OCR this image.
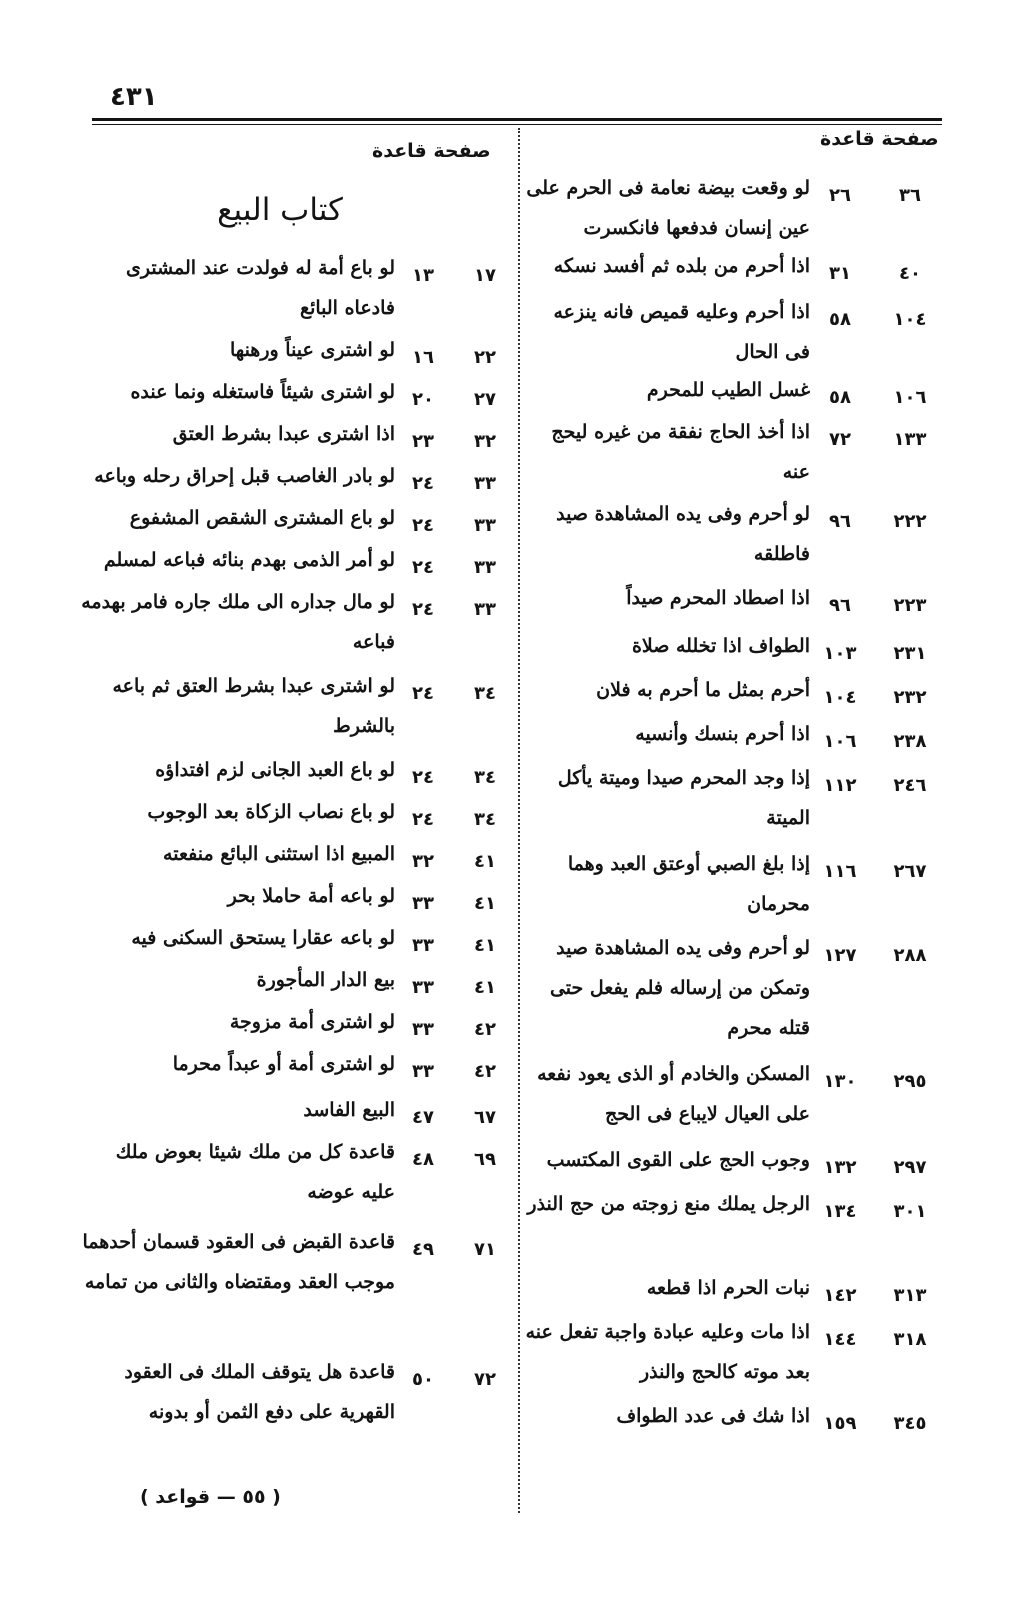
٤٣١
صفحة قاعدة
صفحة قاعدة
كتاب البيع	٣٦
٢٦
لو وقعت بيضة نعامة فى الحرم على عين إنسان فدفعها فانكسرت
٤٠
٣١
اذا أحرم من بلده ثم أفسد نسكه
١٠٤
٥٨
اذا أحرم وعليه قميص فانه ينزعه فى الحال
١٠٦
٥٨
غسل الطيب للمحرم
١٣٣
٧٢
اذا أخذ الحاج نفقة من غيره ليحج عنه
٢٢٢
٩٦
لو أحرم وفى يده المشاهدة صيد فاطلقه
٢٢٣
٩٦
اذا اصطاد المحرم صيداً
٢٣١
١٠٣
الطواف اذا تخلله صلاة
٢٣٢
١٠٤
أحرم بمثل ما أحرم به فلان
٢٣٨
١٠٦
اذا أحرم بنسك وأنسيه
٢٤٦
١١٢
إذا وجد المحرم صيدا وميتة يأكل الميتة
٢٦٧
١١٦
إذا بلغ الصبي أوعتق العبد وهما محرمان
٢٨٨
١٢٧
لو أحرم وفى يده المشاهدة صيد وتمكن من إرساله فلم يفعل حتى قتله محرم
٢٩٥
١٣٠
المسكن والخادم أو الذى يعود نفعه على العيال لايباع فى الحج
٢٩٧
١٣٢
وجوب الحج على القوى المكتسب
٣٠١
١٣٤
الرجل يملك منع زوجته من حج النذر
٣١٣
١٤٢
نبات الحرم اذا قطعه
٣١٨
١٤٤
اذا مات وعليه عبادة واجبة تفعل عنه بعد موته كالحج والنذر
٣٤٥
١٥٩
اذا شك فى عدد الطواف
١٧
١٣
لو باع أمة له فولدت عند المشترى فادعاه البائع
٢٢
١٦
لو اشترى عيناً ورهنها
٢٧
٢٠
لو اشترى شيئاً فاستغله ونما عنده
٣٢
٢٣
اذا اشترى عبدا بشرط العتق
٣٣
٢٤
لو بادر الغاصب قبل إحراق رحله وباعه
٣٣
٢٤
لو باع المشترى الشقص المشفوع
٣٣
٢٤
لو أمر الذمى بهدم بنائه فباعه لمسلم
٣٣
٢٤
لو مال جداره الى ملك جاره فامر بهدمه فباعه
٣٤
٢٤
لو اشترى عبدا بشرط العتق ثم باعه بالشرط
٣٤
٢٤
لو باع العبد الجانى لزم افتداؤه
٣٤
٢٤
لو باع نصاب الزكاة بعد الوجوب
٤١
٣٢
المبيع اذا استثنى البائع منفعته
٤١
٣٣
لو باعه أمة حاملا بحر
٤١
٣٣
لو باعه عقارا يستحق السكنى فيه
٤١
٣٣
بيع الدار المأجورة
٤٢
٣٣
لو اشترى أمة مزوجة
٤٢
٣٣
لو اشترى أمة أو عبداً محرما
٦٧
٤٧
البيع الفاسد
٦٩
٤٨
قاعدة كل من ملك شيئا بعوض ملك عليه عوضه
٧١
٤٩
قاعدة القبض فى العقود قسمان أحدهما موجب العقد ومقتضاه والثانى من تمامه
٧٢
٥٠
قاعدة هل يتوقف الملك فى العقود القهرية على دفع الثمن أو بدونه
( ٥٥ — قواعد )
